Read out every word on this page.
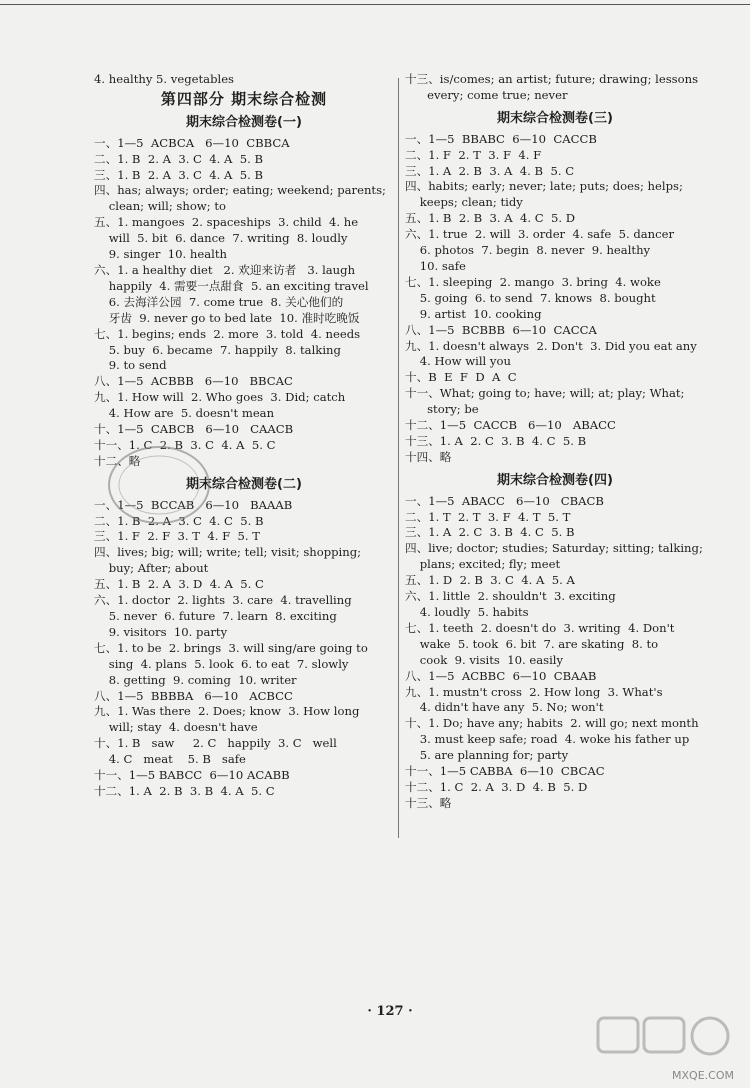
4. healthy 5. vegetables
第四部分 期末综合检测
期末综合检测卷(一)
一、1—5  ACBCA   6—10  CBBCA
二、1. B  2. A  3. C  4. A  5. B
三、1. B  2. A  3. C  4. A  5. B
四、has; always; order; eating; weekend; parents;
clean; will; show; to
五、1. mangoes  2. spaceships  3. child  4. he
will  5. bit  6. dance  7. writing  8. loudly
9. singer  10. health
六、1. a healthy diet   2. 欢迎来访者   3. laugh
happily  4. 需要一点甜食  5. an exciting travel
6. 去海洋公园  7. come true  8. 关心他们的
牙齿  9. never go to bed late  10. 准时吃晚饭
七、1. begins; ends  2. more  3. told  4. needs
5. buy  6. became  7. happily  8. talking
9. to send
八、1—5  ACBBB   6—10   BBCAC
九、1. How will  2. Who goes  3. Did; catch
4. How are  5. doesn't mean
十、1—5  CABCB   6—10   CAACB
十一、1. C  2. B  3. C  4. A  5. C
十二、略
期末综合检测卷(二)
一、1—5  BCCAB   6—10   BAAAB
二、1. B  2. A  3. C  4. C  5. B
三、1. F  2. F  3. T  4. F  5. T
四、lives; big; will; write; tell; visit; shopping;
buy; After; about
五、1. B  2. A  3. D  4. A  5. C
六、1. doctor  2. lights  3. care  4. travelling
5. never  6. future  7. learn  8. exciting
9. visitors  10. party
七、1. to be  2. brings  3. will sing/are going to
sing  4. plans  5. look  6. to eat  7. slowly
8. getting  9. coming  10. writer
八、1—5  BBBBA   6—10   ACBCC
九、1. Was there  2. Does; know  3. How long
will; stay  4. doesn't have
十、1. B   saw     2. C   happily  3. C   well
4. C   meat    5. B   safe
十一、1—5 BABCC  6—10 ACABB
十二、1. A  2. B  3. B  4. A  5. C
十三、is/comes; an artist; future; drawing; lessons
every; come true; never
期末综合检测卷(三)
一、1—5  BBABC  6—10  CACCB
二、1. F  2. T  3. F  4. F
三、1. A  2. B  3. A  4. B  5. C
四、habits; early; never; late; puts; does; helps;
keeps; clean; tidy
五、1. B  2. B  3. A  4. C  5. D
六、1. true  2. will  3. order  4. safe  5. dancer
6. photos  7. begin  8. never  9. healthy
10. safe
七、1. sleeping  2. mango  3. bring  4. woke
5. going  6. to send  7. knows  8. bought
9. artist  10. cooking
八、1—5  BCBBB  6—10  CACCA
九、1. doesn't always  2. Don't  3. Did you eat any
4. How will you
十、B  E  F  D  A  C
十一、What; going to; have; will; at; play; What;
story; be
十二、1—5  CACCB   6—10   ABACC
十三、1. A  2. C  3. B  4. C  5. B
十四、略
期末综合检测卷(四)
一、1—5  ABACC   6—10   CBACB
二、1. T  2. T  3. F  4. T  5. T
三、1. A  2. C  3. B  4. C  5. B
四、live; doctor; studies; Saturday; sitting; talking;
plans; excited; fly; meet
五、1. D  2. B  3. C  4. A  5. A
六、1. little  2. shouldn't  3. exciting
4. loudly  5. habits
七、1. teeth  2. doesn't do  3. writing  4. Don't
wake  5. took  6. bit  7. are skating  8. to
cook  9. visits  10. easily
八、1—5  ACBBC  6—10  CBAAB
九、1. mustn't cross  2. How long  3. What's
4. didn't have any  5. No; won't
十、1. Do; have any; habits  2. will go; next month
3. must keep safe; road  4. woke his father up
5. are planning for; party
十一、1—5 CABBA  6—10  CBCAC
十二、1. C  2. A  3. D  4. B  5. D
十三、略
· 127 ·
MXQE.COM
